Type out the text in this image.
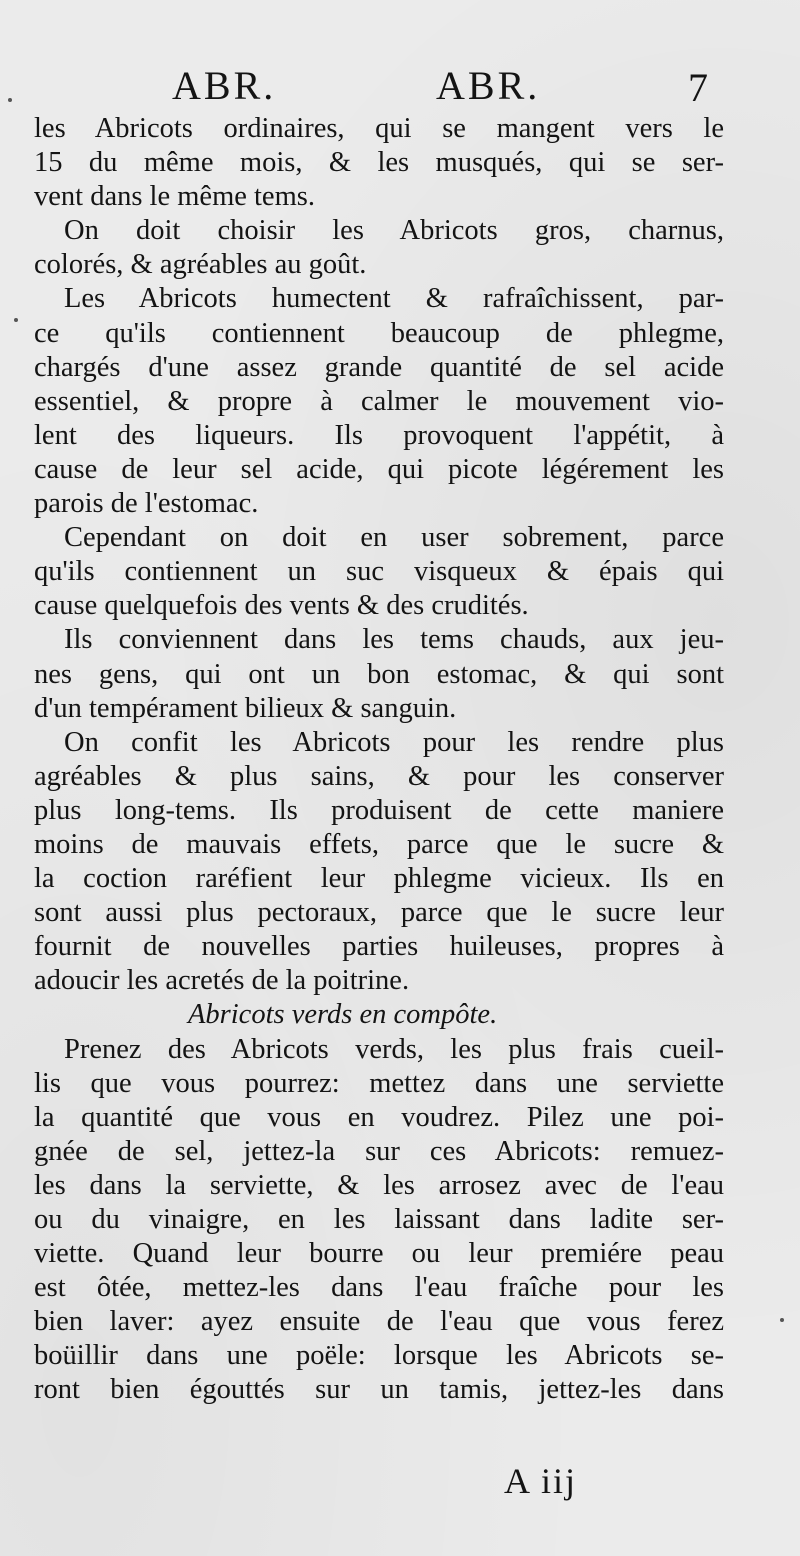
ABR.	ABR.	7
les Abricots ordinaires, qui se mangent vers le
15 du même mois, & les musqués, qui se ser-
vent dans le même tems.
On doit choisir les Abricots gros, charnus,
colorés, & agréables au goût.
Les Abricots humectent & rafraîchissent, par-
ce qu'ils contiennent beaucoup de phlegme,
chargés d'une assez grande quantité de sel acide
essentiel, & propre à calmer le mouvement vio-
lent des liqueurs. Ils provoquent l'appétit, à
cause de leur sel acide, qui picote légérement les
parois de l'estomac.
Cependant on doit en user sobrement, parce
qu'ils contiennent un suc visqueux & épais qui
cause quelquefois des vents & des crudités.
Ils conviennent dans les tems chauds, aux jeu-
nes gens, qui ont un bon estomac, & qui sont
d'un tempérament bilieux & sanguin.
On confit les Abricots pour les rendre plus
agréables & plus sains, & pour les conserver
plus long-tems. Ils produisent de cette maniere
moins de mauvais effets, parce que le sucre &
la coction raréfient leur phlegme vicieux. Ils en
sont aussi plus pectoraux, parce que le sucre leur
fournit de nouvelles parties huileuses, propres à
adoucir les acretés de la poitrine.
Abricots verds en compôte.
Prenez des Abricots verds, les plus frais cueil-
lis que vous pourrez: mettez dans une serviette
la quantité que vous en voudrez. Pilez une poi-
gnée de sel, jettez-la sur ces Abricots: remuez-
les dans la serviette, & les arrosez avec de l'eau
ou du vinaigre, en les laissant dans ladite ser-
viette. Quand leur bourre ou leur premiére peau
est ôtée, mettez-les dans l'eau fraîche pour les
bien laver: ayez ensuite de l'eau que vous ferez
boüillir dans une poële: lorsque les Abricots se-
ront bien égouttés sur un tamis, jettez-les dans
A iij
